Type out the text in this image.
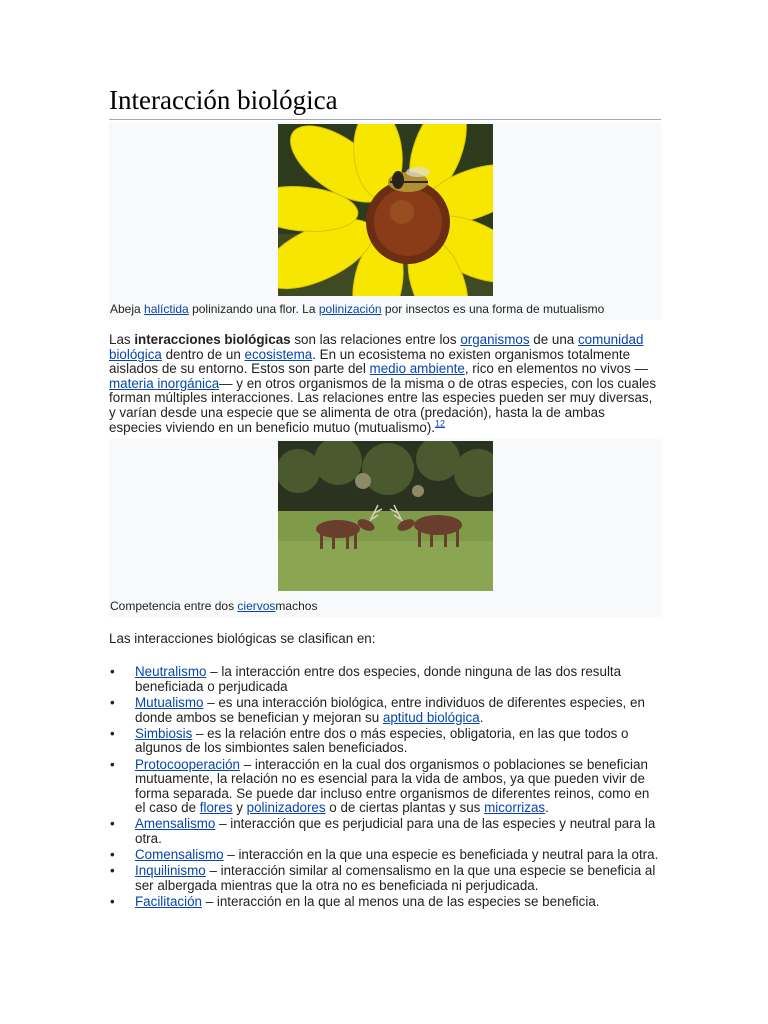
Interacción biológica
Abeja halíctida polinizando una flor. La polinización por insectos es una forma de mutualismo

Las interacciones biológicas son las relaciones entre los organismos de una comunidad biológica dentro de un ecosistema. En un ecosistema no existen organismos totalmente aislados de su entorno. Estos son parte del medio ambiente, rico en elementos no vivos —materia inorgánica— y en otros organismos de la misma o de otras especies, con los cuales forman múltiples interacciones. Las relaciones entre las especies pueden ser muy diversas, y varían desde una especie que se alimenta de otra (predación), hasta la de ambas especies viviendo en un beneficio mutuo (mutualismo).$^{12}$

Competencia entre dos ciervosmachos

Las interacciones biológicas se clasifican en:

• Neutralismo – la interacción entre dos especies, donde ninguna de las dos resulta beneficiada o perjudicada
• Mutualismo – es una interacción biológica, entre individuos de diferentes especies, en donde ambos se benefician y mejoran su aptitud biológica.
• Simbiosis – es la relación entre dos o más especies, obligatoria, en las que todos o algunos de los simbiontes salen beneficiados.
• Protocooperación – interacción en la cual dos organismos o poblaciones se benefician mutuamente, la relación no es esencial para la vida de ambos, ya que pueden vivir de forma separada. Se puede dar incluso entre organismos de diferentes reinos, como en el caso de flores y polinizadores o de ciertas plantas y sus micorrizas.
• Amensalismo – interacción que es perjudicial para una de las especies y neutral para la otra.
• Comensalismo – interacción en la que una especie es beneficiada y neutral para la otra.
• Inquilinismo – interacción similar al comensalismo en la que una especie se beneficia al ser albergada mientras que la otra no es beneficiada ni perjudicada.
• Facilitación – interacción en la que al menos una de las especies se beneficia.
